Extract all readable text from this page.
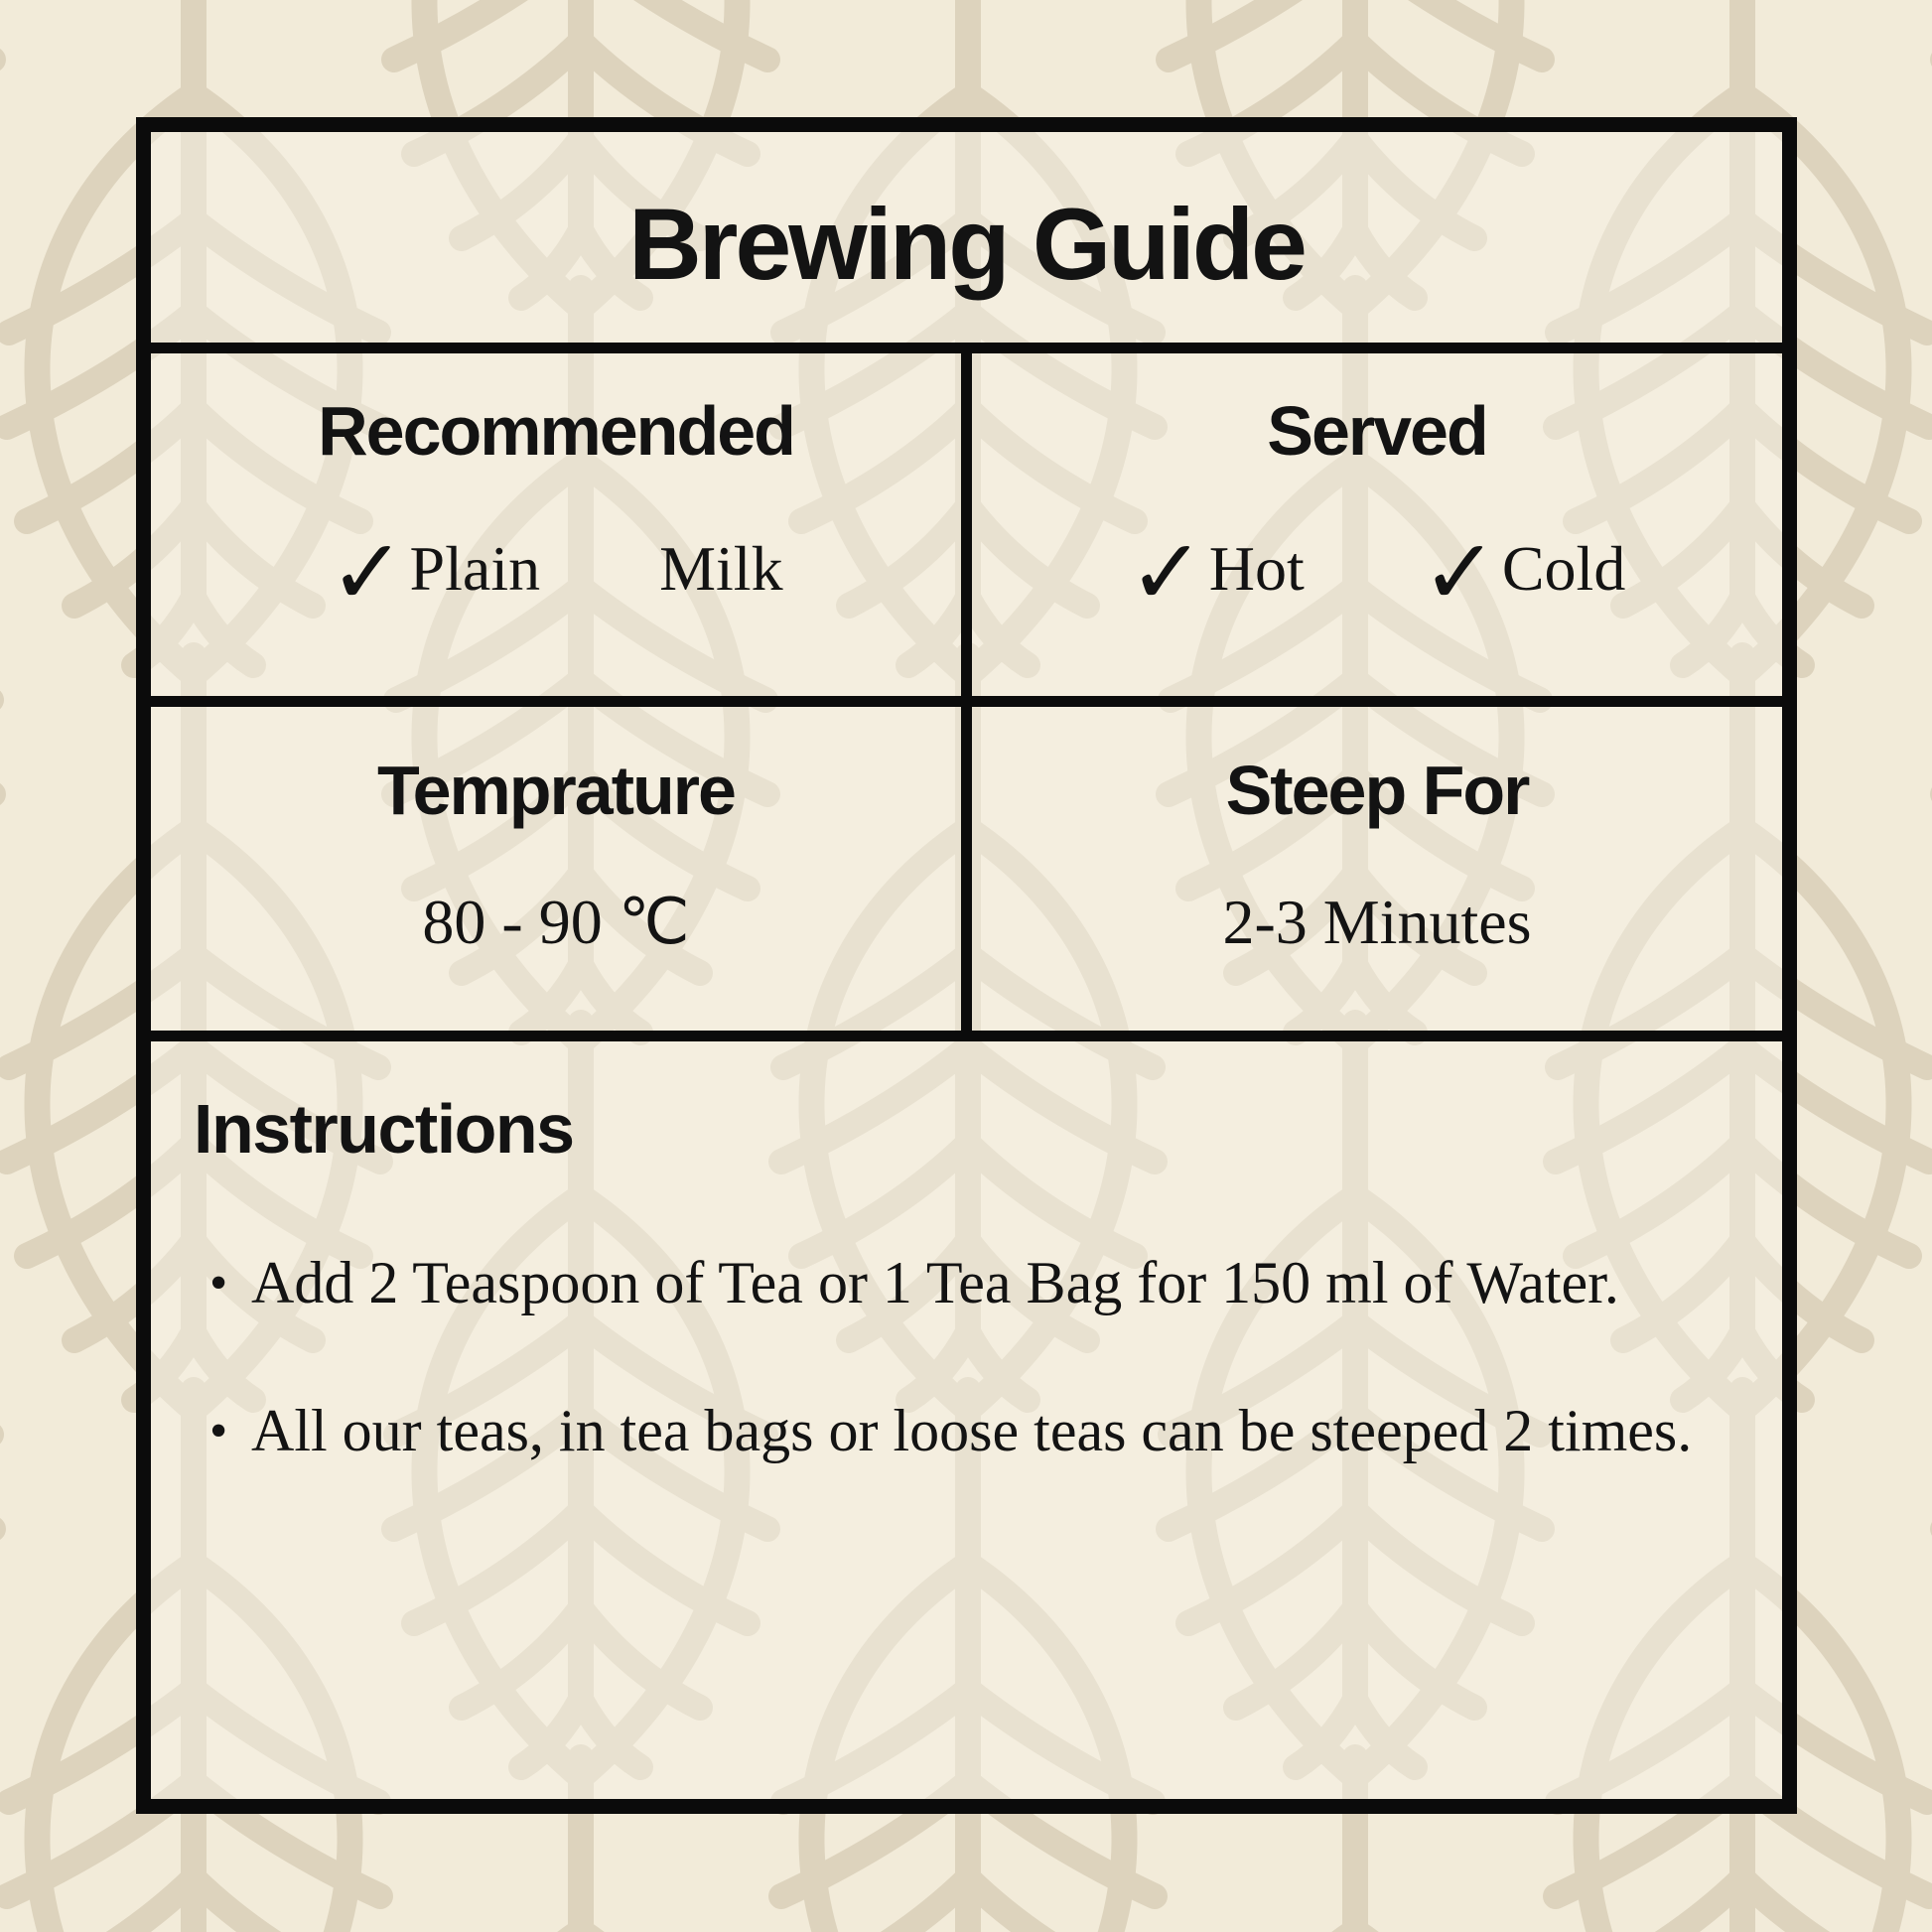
Brewing Guide
Recommended
✓ Plain Milk
Served
✓ Hot ✓ Cold
Temprature
80 - 90 ℃
Steep For
2-3 Minutes
Instructions
• Add 2 Teaspoon of Tea or 1 Tea Bag for 150 ml of Water.

• All our teas, in tea bags or loose teas can be steeped 2 times.
